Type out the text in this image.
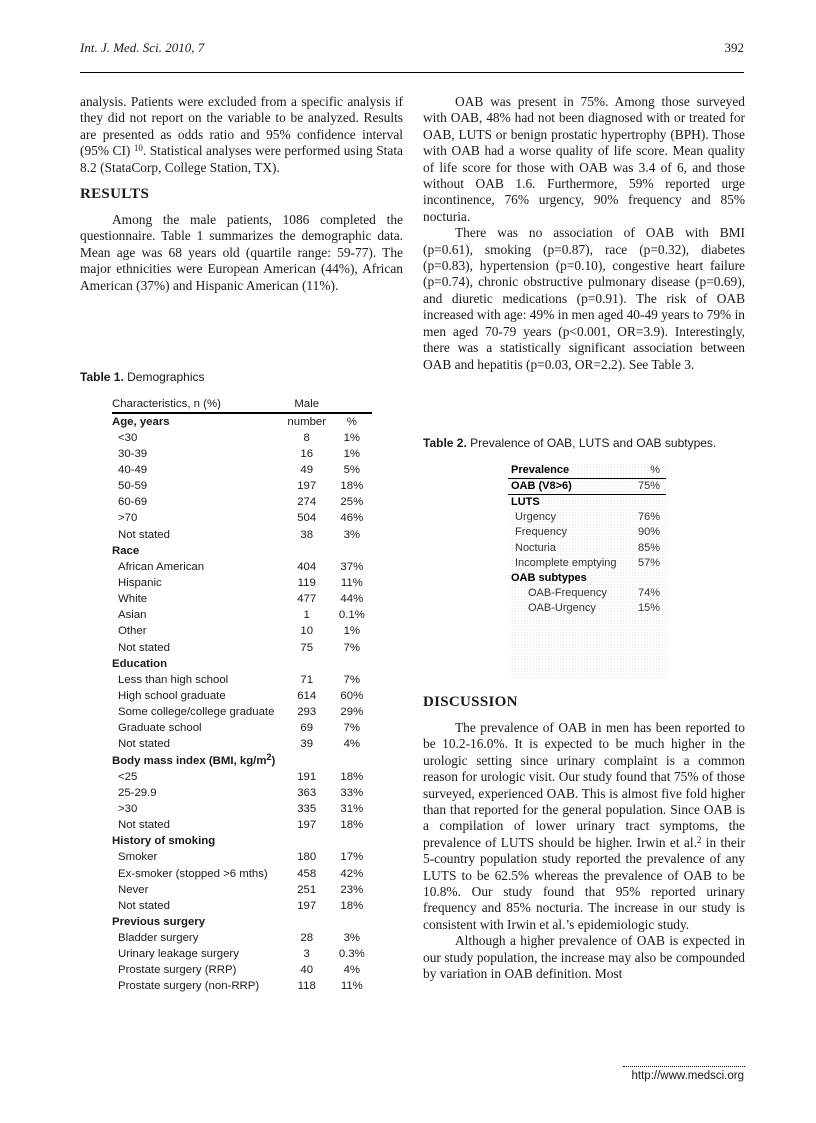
Int. J. Med. Sci. 2010, 7	392

analysis. Patients were excluded from a specific analysis if they did not report on the variable to be analyzed. Results are presented as odds ratio and 95% confidence interval (95% CI) $^{10}$. Statistical analyses were performed using Stata 8.2 (StataCorp, College Station, TX).

RESULTS

Among the male patients, 1086 completed the questionnaire. Table 1 summarizes the demographic data. Mean age was 68 years old (quartile range: 59-77). The major ethnicities were European American (44%), African American (37%) and Hispanic American (11%).

Table 1. Demographics
Characteristics, n (%)	Male	
Age, years	number	%
<30	8	1%
30-39	16	1%
40-49	49	5%
50-59	197	18%
60-69	274	25%
>70	504	46%
Not stated	38	3%
Race		
African American	404	37%
Hispanic	119	11%
White	477	44%
Asian	1	0.1%
Other	10	1%
Not stated	75	7%
Education		
Less than high school	71	7%
High school graduate	614	60%
Some college/college graduate	293	29%
Graduate school	69	7%
Not stated	39	4%
Body mass index (BMI, $kg/m^2$)		
<25	191	18%
25-29.9	363	33%
>30	335	31%
Not stated	197	18%
History of smoking		
Smoker	180	17%
Ex-smoker (stopped >6 mths)	458	42%
Never	251	23%
Not stated	197	18%
Previous surgery		
Bladder surgery	28	3%
Urinary leakage surgery	3	0.3%
Prostate surgery (RRP)	40	4%
Prostate surgery (non-RRP)	118	11%

OAB was present in 75%. Among those surveyed with OAB, 48% had not been diagnosed with or treated for OAB, LUTS or benign prostatic hypertrophy (BPH). Those with OAB had a worse quality of life score. Mean quality of life score for those with OAB was 3.4 of 6, and those without OAB 1.6. Furthermore, 59% reported urge incontinence, 76% urgency, 90% frequency and 85% nocturia.

There was no association of OAB with BMI (p=0.61), smoking (p=0.87), race (p=0.32), diabetes (p=0.83), hypertension (p=0.10), congestive heart failure (p=0.74), chronic obstructive pulmonary disease (p=0.69), and diuretic medications (p=0.91). The risk of OAB increased with age: 49% in men aged 40-49 years to 79% in men aged 70-79 years (p<0.001, OR=3.9). Interestingly, there was a statistically significant association between OAB and hepatitis (p=0.03, OR=2.2). See Table 3.

Table 2. Prevalence of OAB, LUTS and OAB subtypes.
Prevalence	%
OAB (V8>6)	75%
LUTS	
Urgency	76%
Frequency	90%
Nocturia	85%
Incomplete emptying	57%
OAB subtypes	
OAB-Frequency	74%
OAB-Urgency	15%
DISCUSSION

The prevalence of OAB in men has been reported to be 10.2-16.0%. It is expected to be much higher in the urologic setting since urinary complaint is a common reason for urologic visit. Our study found that 75% of those surveyed, experienced OAB. This is almost five fold higher than that reported for the general population. Since OAB is a compilation of lower urinary tract symptoms, the prevalence of LUTS should be higher. Irwin et al.$^2$ in their 5-country population study reported the prevalence of any LUTS to be 62.5% whereas the prevalence of OAB to be 10.8%. Our study found that 95% reported urinary frequency and 85% nocturia. The increase in our study is consistent with Irwin et al.’s epidemiologic study.

Although a higher prevalence of OAB is expected in our study population, the increase may also be compounded by variation in OAB definition. Most

http://www.medsci.org
